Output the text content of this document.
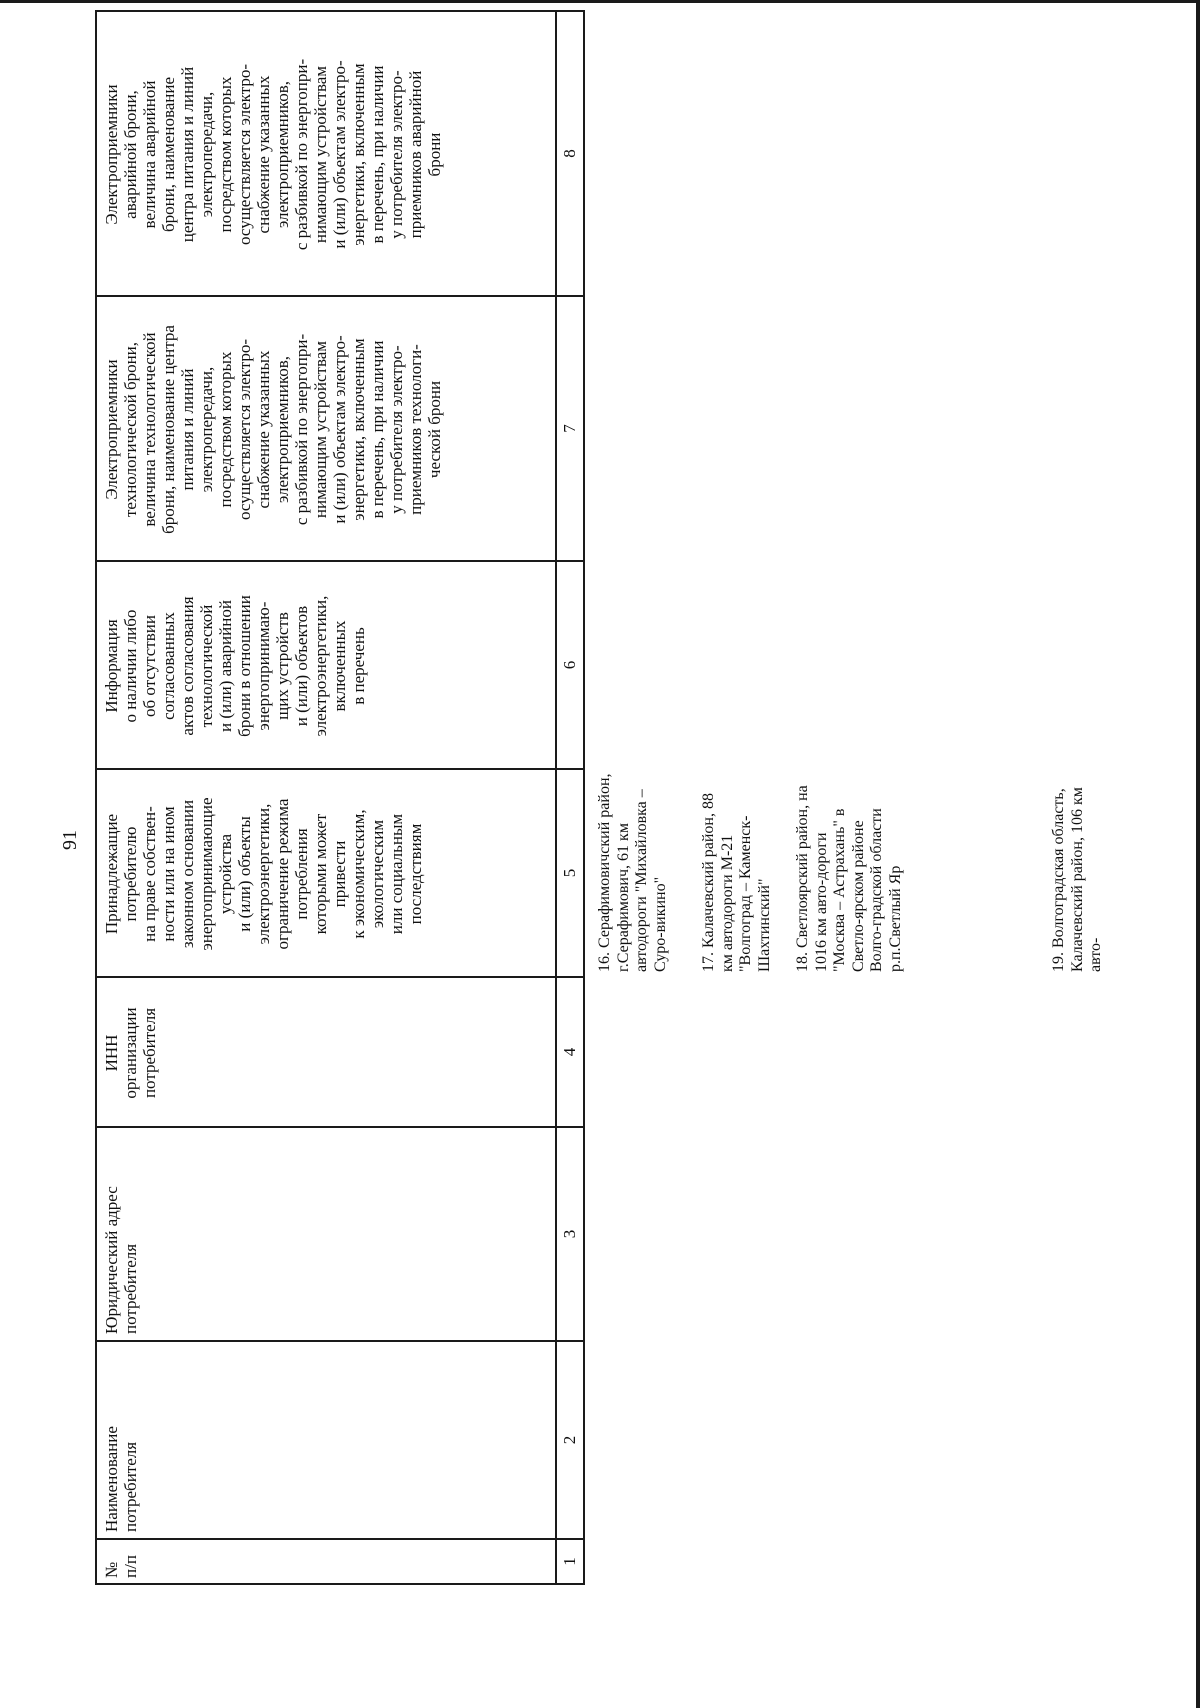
91
№
п/п
Наименование
потребителя
Юридический адрес
потребителя
ИНН
организации
потребителя
Принадлежащие
потребителю
на праве собствен-
ности или на ином
законном основании
энергопринимающие
устройства
и (или) объекты
электроэнергетики,
ограничение режима
потребления
которыми может
привести
к экономическим,
экологическим
или социальным
последствиям
Информация
о наличии либо
об отсутствии
согласованных
актов согласования
технологической
и (или) аварийной
брони в отношении
энергопринимаю-
щих устройств
и (или) объектов
электроэнергетики,
включенных
в перечень
Электроприемники
технологической брони,
величина технологической
брони, наименование центра
питания и линий
электропередачи,
посредством которых
осуществляется электро-
снабжение указанных
электроприемников,
с разбивкой по энергопри-
нимающим устройствам
и (или) объектам электро-
энергетики, включенным
в перечень, при наличии
у потребителя электро-
приемников технологи-
ческой брони
Электроприемники
аварийной брони,
величина аварийной
брони, наименование
центра питания и линий
электропередачи,
посредством которых
осуществляется электро-
снабжение указанных
электроприемников,
с разбивкой по энергопри-
нимающим устройствам
и (или) объектам электро-
энергетики, включенным
в перечень, при наличии
у потребителя электро-
приемников аварийной
брони
1
2
3
4
5
6
7
8
16. Серафимовичский район, г.Серафимович, 61 км автодороги "Михайловка – Суро-викино" 17. Калачевский район, 88 км автодороги М-21 "Волгоград – Каменск-Шахтинский" 18. Светлоярский район, на 1016 км авто-дороги "Москва – Астрахань" в Светло-ярском районе Волго-градской области р.п.Светлый Яр	19. Волгоградская область, Калачевский район, 106 км авто-
